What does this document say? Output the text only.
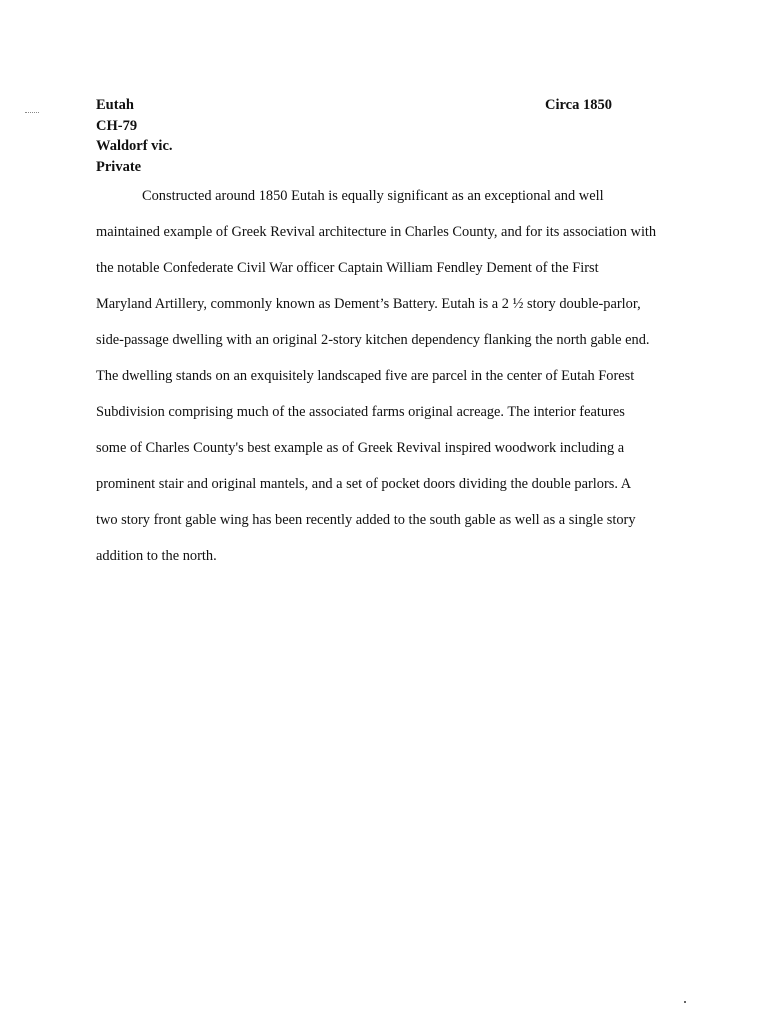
Eutah
CH-79
Waldorf vic.
Private
Circa 1850
Constructed around 1850 Eutah is equally significant as an exceptional and well
maintained example of Greek Revival architecture in Charles County, and for its association with
the notable Confederate Civil War officer Captain William Fendley Dement of the First
Maryland Artillery, commonly known as Dement’s Battery. Eutah is a 2 ½ story double-parlor,
side-passage dwelling with an original 2-story kitchen dependency flanking the north gable end.
The dwelling stands on an exquisitely landscaped five are parcel in the center of Eutah Forest
Subdivision comprising much of the associated farms original acreage. The interior features
some of Charles County's best example as of Greek Revival inspired woodwork including a
prominent stair and original mantels, and a set of pocket doors dividing the double parlors. A
two story front gable wing has been recently added to the south gable as well as a single story
addition to the north.
